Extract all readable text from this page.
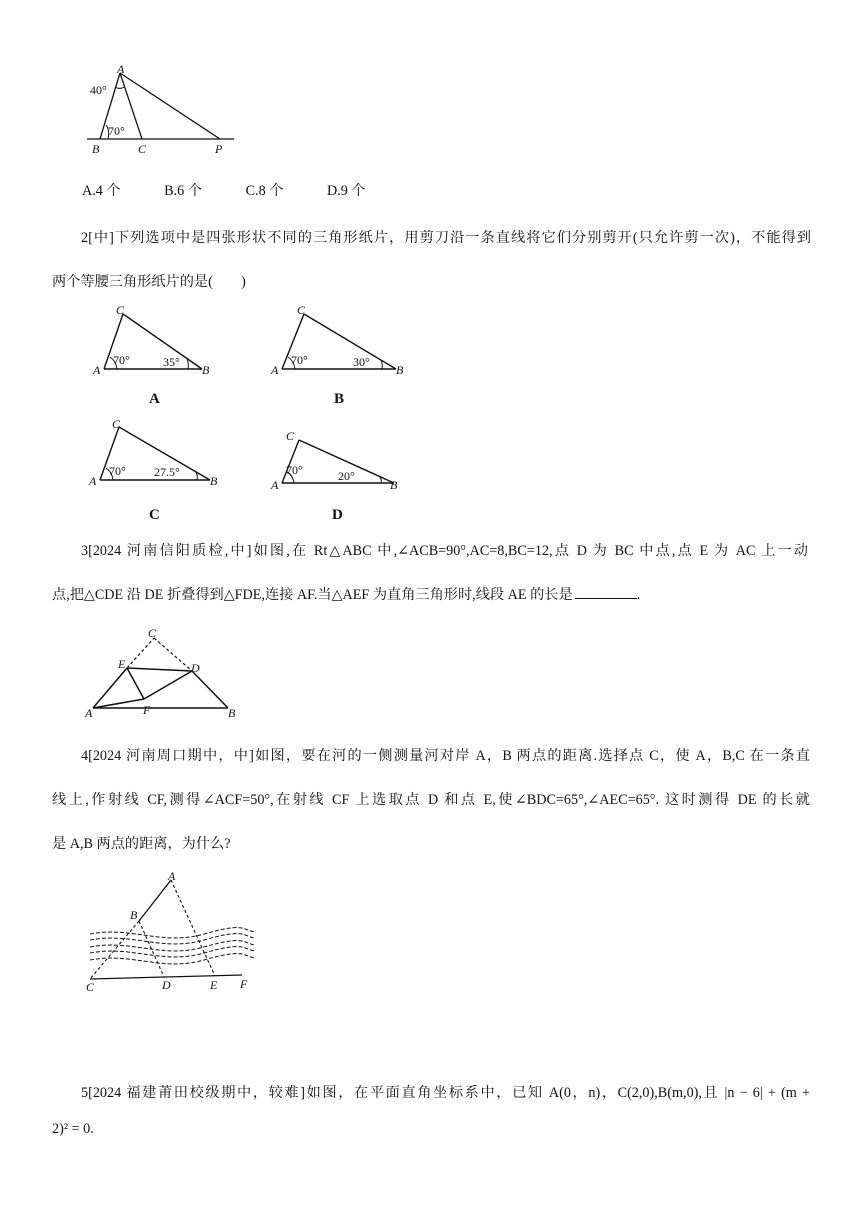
A
40°
70°
B	C	P
A.4 个	B.6 个	C.8 个	D.9 个
2[中]下列选项中是四张形状不同的三角形纸片，用剪刀沿一条直线将它们分别剪开(只允许剪一次)，不能得到
两个等腰三角形纸片的是(　　)
C
A	B
70°	35°
A
C
A	B
70°	30°
B
C
A	B
70° 27.5°
C
C
A	B
70°	20°
D
3[2024 河南信阳质检,中]如图,在 Rt△ABC 中,∠ACB=90°,AC=8,BC=12,点 D 为 BC 中点,点 E 为 AC 上一动
点,把△CDE 沿 DE 折叠得到△FDE,连接 AF.当△AEF 为直角三角形时,线段 AE 的长是	.
C
E	D
F
A	B
4[2024 河南周口期中，中]如图，要在河的一侧测量河对岸 A，B 两点的距离.选择点 C，使 A，B,C 在一条直
线上,作射线 CF,测得∠ACF=50°,在射线 CF 上选取点 D 和点 E,使∠BDC=65°,∠AEC=65°. 这时测得 DE 的长就
是 A,B 两点的距离，为什么?
A
B
C	D	E F
5[2024 福建莆田校级期中，较难]如图，在平面直角坐标系中，已知 A(0，n)，C(2,0),B(m,0),且 |n − 6| + (m +
2)² = 0.
